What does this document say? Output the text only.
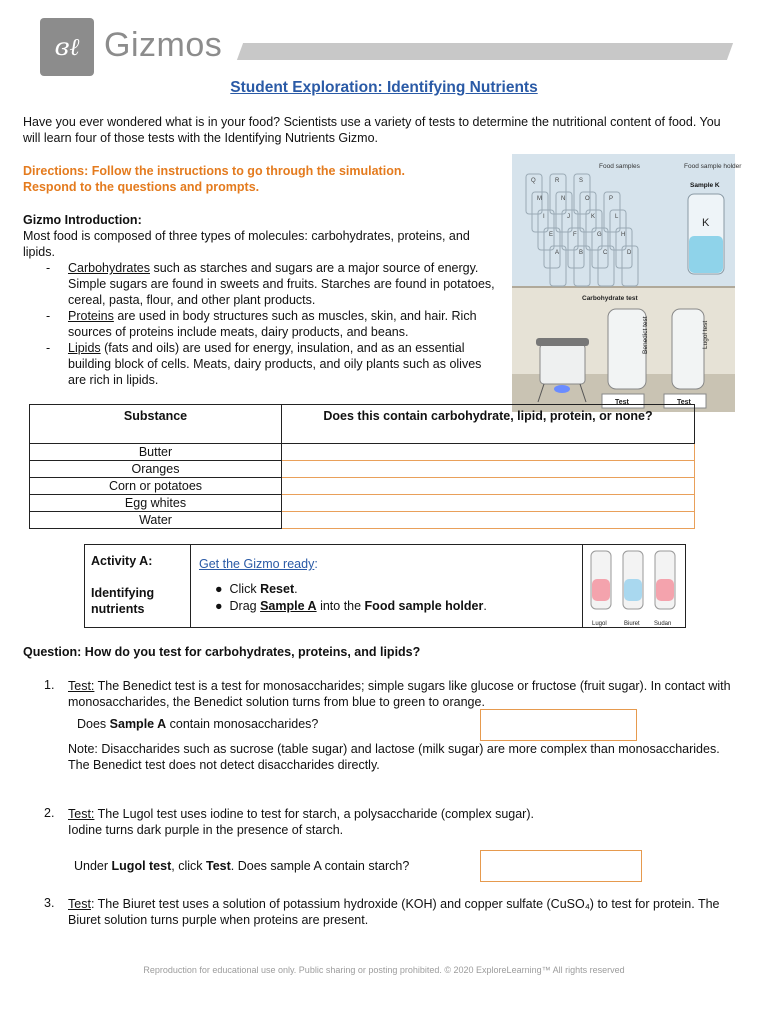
ɞℓ Gizmos
Student Exploration: Identifying Nutrients
Have you ever wondered what is in your food? Scientists use a variety of tests to determine the nutritional content of food. You will learn four of those tests with the Identifying Nutrients Gizmo.
Directions: Follow the instructions to go through the simulation.
Respond to the questions and prompts.
Gizmo Introduction:
Most food is composed of three types of molecules: carbohydrates, proteins, and lipids.
- Carbohydrates such as starches and sugars are a major source of energy. Simple sugars are found in sweets and fruits. Starches are found in potatoes, cereal, pasta, flour, and other plant products.
- Proteins are used in body structures such as muscles, skin, and hair. Rich sources of proteins include meats, dairy products, and beans.
- Lipids (fats and oils) are used for energy, insulation, and as an essential building block of cells. Meats, dairy products, and oily plants such as olives are rich in lipids.
Q	R	S
M	N	O	P
I	J	K	L
E	F	G	H
A	B	C	D
Food samples	Food sample holder
Sample K
K
Carbohydrate test
Benedict test	Lugol test
Test	Test
Substance	Does this contain carbohydrate, lipid, protein, or none?
Butter	
Oranges	
Corn or potatoes	
Egg whites	
Water	
Activity A:
Identifying nutrients
Get the Gizmo ready:
●  Click Reset.
●  Drag Sample A into the Food sample holder.
Lugol	Biuret Sudan
Question: How do you test for carbohydrates, proteins, and lipids?
1. Test: The Benedict test is a test for monosaccharides; simple sugars like glucose or fructose (fruit sugar). In contact with monosaccharides, the Benedict solution turns from blue to green to orange.
Does Sample A contain monosaccharides?
Note: Disaccharides such as sucrose (table sugar) and lactose (milk sugar) are more complex than monosaccharides. The Benedict test does not detect disaccharides directly.
2. Test: The Lugol test uses iodine to test for starch, a polysaccharide (complex sugar).
Iodine turns dark purple in the presence of starch.
Under Lugol test, click Test. Does sample A contain starch?
3. Test: The Biuret test uses a solution of potassium hydroxide (KOH) and copper sulfate (CuSO₄) to test for protein. The Biuret solution turns purple when proteins are present.
Reproduction for educational use only. Public sharing or posting prohibited. © 2020 ExploreLearning™ All rights reserved
